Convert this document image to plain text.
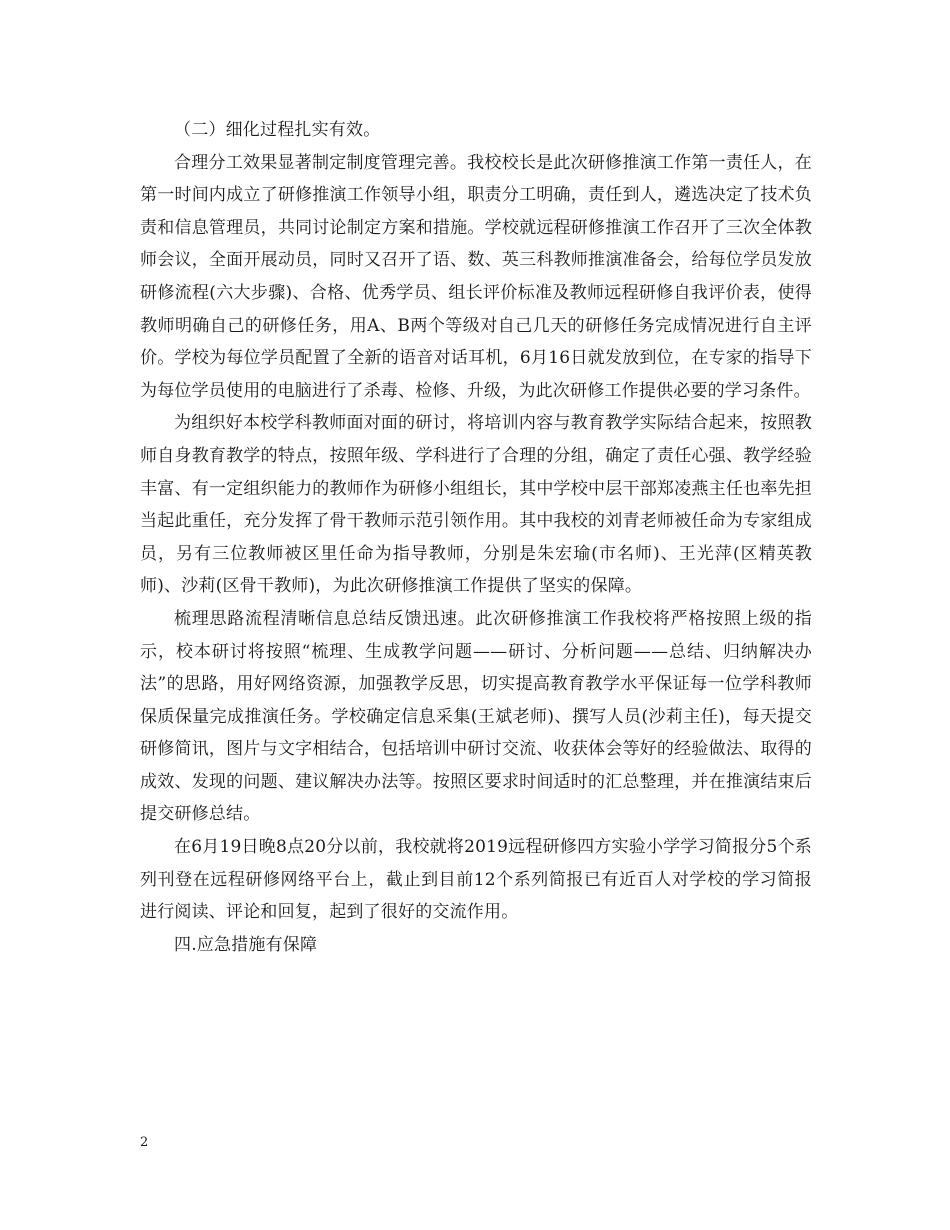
（二）细化过程扎实有效。

合理分工效果显著制定制度管理完善。我校校长是此次研修推演工作第一责任人，在第一时间内成立了研修推演工作领导小组，职责分工明确，责任到人，遴选决定了技术负责和信息管理员，共同讨论制定方案和措施。学校就远程研修推演工作召开了三次全体教师会议，全面开展动员，同时又召开了语、数、英三科教师推演准备会，给每位学员发放研修流程(六大步骤)、合格、优秀学员、组长评价标准及教师远程研修自我评价表，使得教师明确自己的研修任务，用A、B两个等级对自己几天的研修任务完成情况进行自主评价。学校为每位学员配置了全新的语音对话耳机，6月16日就发放到位，在专家的指导下为每位学员使用的电脑进行了杀毒、检修、升级，为此次研修工作提供必要的学习条件。

为组织好本校学科教师面对面的研讨，将培训内容与教育教学实际结合起来，按照教师自身教育教学的特点，按照年级、学科进行了合理的分组，确定了责任心强、教学经验丰富、有一定组织能力的教师作为研修小组组长，其中学校中层干部郑凌燕主任也率先担当起此重任，充分发挥了骨干教师示范引领作用。其中我校的刘青老师被任命为专家组成员，另有三位教师被区里任命为指导教师，分别是朱宏瑜(市名师)、王光萍(区精英教师)、沙莉(区骨干教师)，为此次研修推演工作提供了坚实的保障。

梳理思路流程清晰信息总结反馈迅速。此次研修推演工作我校将严格按照上级的指示，校本研讨将按照“梳理、生成教学问题——研讨、分析问题——总结、归纳解决办法”的思路，用好网络资源，加强教学反思，切实提高教育教学水平保证每一位学科教师保质保量完成推演任务。学校确定信息采集(王斌老师)、撰写人员(沙莉主任)，每天提交研修简讯，图片与文字相结合，包括培训中研讨交流、收获体会等好的经验做法、取得的成效、发现的问题、建议解决办法等。按照区要求时间适时的汇总整理，并在推演结束后提交研修总结。

在6月19日晚8点20分以前，我校就将2019远程研修四方实验小学学习简报分5个系列刊登在远程研修网络平台上，截止到目前12个系列简报已有近百人对学校的学习简报进行阅读、评论和回复，起到了很好的交流作用。

四.应急措施有保障

2
